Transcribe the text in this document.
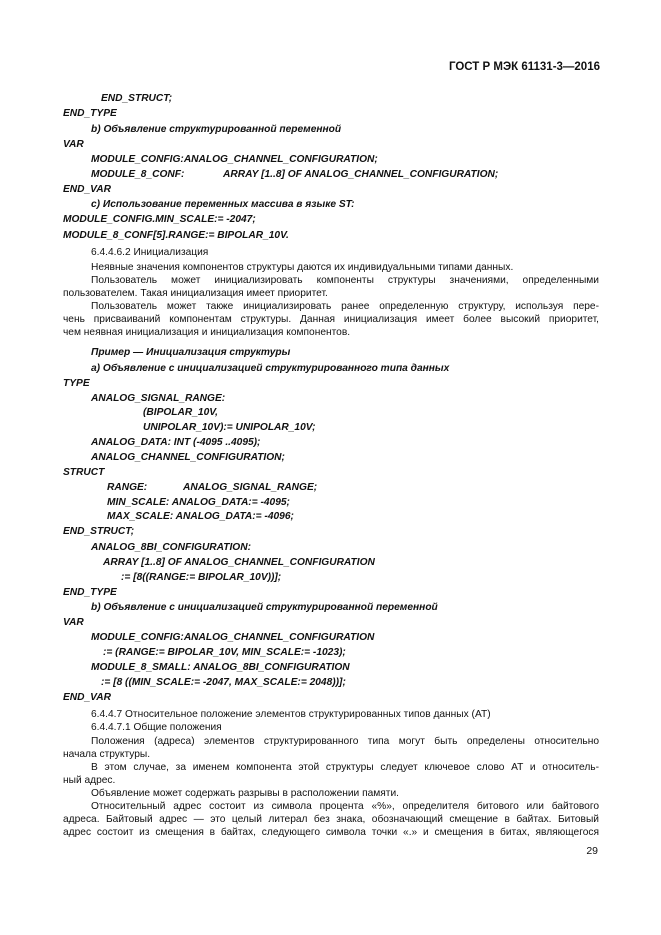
ГОСТ Р МЭК 61131-3—2016
END_STRUCT;
END_TYPE
b) Объявление структурированной переменной
VAR
MODULE_CONFIG:ANALOG_CHANNEL_CONFIGURATION;
MODULE_8_CONF:	ARRAY [1..8] OF ANALOG_CHANNEL_CONFIGURATION;
END_VAR
c) Использование переменных массива в языке ST:
MODULE_CONFIG.MIN_SCALE:= -2047;
MODULE_8_CONF[5].RANGE:= BIPOLAR_10V.
6.4.4.6.2 Инициализация
Неявные значения компонентов структуры даются их индивидуальными типами данных.
Пользователь может инициализировать компоненты структуры значениями, определенными
пользователем. Такая инициализация имеет приоритет.
Пользователь может также инициализировать ранее определенную структуру, используя пере-
чень присваиваний компонентам структуры. Данная инициализация имеет более высокий приоритет,
чем неявная инициализация и инициализация компонентов.
Пример — Инициализация структуры
a) Объявление с инициализацией структурированного типа данных
TYPE
ANALOG_SIGNAL_RANGE:
(BIPOLAR_10V,
UNIPOLAR_10V):= UNIPOLAR_10V;
ANALOG_DATA: INT (-4095 ..4095);
ANALOG_CHANNEL_CONFIGURATION;
STRUCT
RANGE:	ANALOG_SIGNAL_RANGE;
MIN_SCALE: ANALOG_DATA:= -4095;
MAX_SCALE: ANALOG_DATA:= -4096;
END_STRUCT;
ANALOG_8BI_CONFIGURATION:
ARRAY [1..8] OF ANALOG_CHANNEL_CONFIGURATION
:= [8((RANGE:= BIPOLAR_10V))];
END_TYPE
b) Объявление с инициализацией структурированной переменной
VAR
MODULE_CONFIG:ANALOG_CHANNEL_CONFIGURATION
:= (RANGE:= BIPOLAR_10V, MIN_SCALE:= -1023);
MODULE_8_SMALL: ANALOG_8BI_CONFIGURATION
:= [8 ((MIN_SCALE:= -2047, MAX_SCALE:= 2048))];
END_VAR
6.4.4.7 Относительное положение элементов структурированных типов данных (AT)
6.4.4.7.1 Общие положения
Положения (адреса) элементов структурированного типа могут быть определены относительно
начала структуры.
В этом случае, за именем компонента этой структуры следует ключевое слово AT и относитель-
ный адрес.
Объявление может содержать разрывы в расположении памяти.
Относительный адрес состоит из символа процента «%», определителя битового или байтового
адреса. Байтовый адрес — это целый литерал без знака, обозначающий смещение в байтах. Битовый
адрес состоит из смещения в байтах, следующего символа точки «.» и смещения в битах, являющегося
29
